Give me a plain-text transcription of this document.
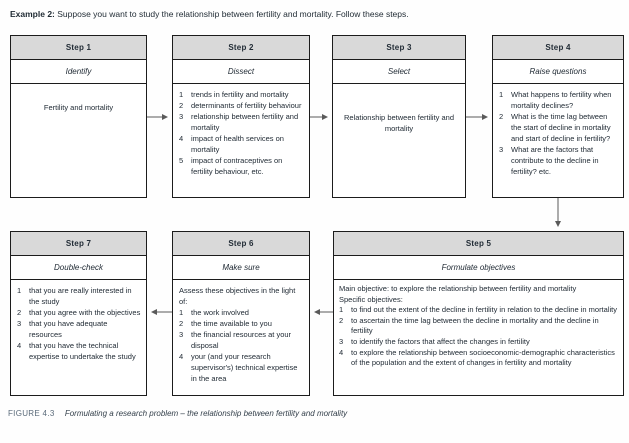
Example 2: Suppose you want to study the relationship between fertility and mortality. Follow these steps.
Step 1
Identify
Fertility and mortality
Step 2
Dissect
1	trends in fertility and mortality
2	determinants of fertility behaviour
3	relationship between fertility and mortality
4	impact of health services on mortality
5	impact of contraceptives on fertility behaviour, etc.
Step 3
Select
Relationship between fertility and mortality
Step 4
Raise questions
1	What happens to fertility when mortality declines?
2	What is the time lag between the start of decline in mortality and start of decline in fertility?
3	What are the factors that contribute to the decline in fertility? etc.
Step 7
Double-check
1	that you are really interested in the study
2	that you agree with the objectives
3	that you have adequate resources
4	that you have the technical expertise to undertake the study
Step 6
Make sure
Assess these objectives in the light of:
1	the work involved
2	the time available to you
3	the financial resources at your disposal
4	your (and your research supervisor's) technical expertise in the area
Step 5
Formulate objectives
Main objective: to explore the relationship between fertility and mortality
Specific objectives:
1	to find out the extent of the decline in fertility in relation to the decline in mortality
2	to ascertain the time lag between the decline in mortality and the decline in fertility
3	to identify the factors that affect the changes in fertility
4	to explore the relationship between socioeconomic-demographic characteristics of the population and the extent of changes in fertility and mortality
FIGURE 4.3 Formulating a research problem – the relationship between fertility and mortality
